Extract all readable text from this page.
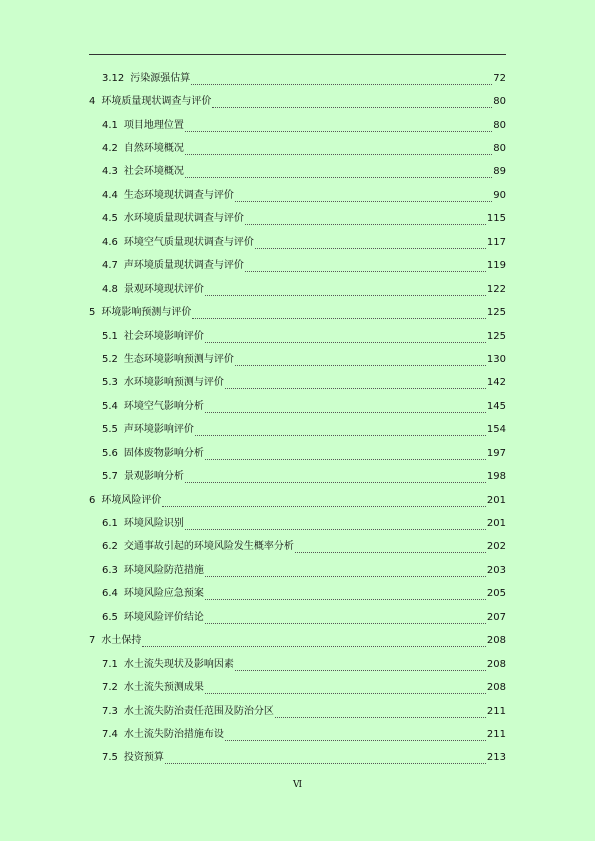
3.12 污染源强估算	72
4 环境质量现状调查与评价	80
4.1 项目地理位置	80
4.2 自然环境概况	80
4.3 社会环境概况	89
4.4 生态环境现状调查与评价	90
4.5 水环境质量现状调查与评价	115
4.6 环境空气质量现状调查与评价	117
4.7 声环境质量现状调查与评价	119
4.8 景观环境现状评价	122
5 环境影响预测与评价	125
5.1 社会环境影响评价	125
5.2 生态环境影响预测与评价	130
5.3 水环境影响预测与评价	142
5.4 环境空气影响分析	145
5.5 声环境影响评价	154
5.6 固体废物影响分析	197
5.7 景观影响分析	198
6 环境风险评价	201
6.1 环境风险识别	201
6.2 交通事故引起的环境风险发生概率分析	202
6.3 环境风险防范措施	203
6.4 环境风险应急预案	205
6.5 环境风险评价结论	207
7 水土保持	208
7.1 水土流失现状及影响因素	208
7.2 水土流失预测成果	208
7.3 水土流失防治责任范围及防治分区	211
7.4 水土流失防治措施布设	211
7.5 投资预算	213
Ⅵ
